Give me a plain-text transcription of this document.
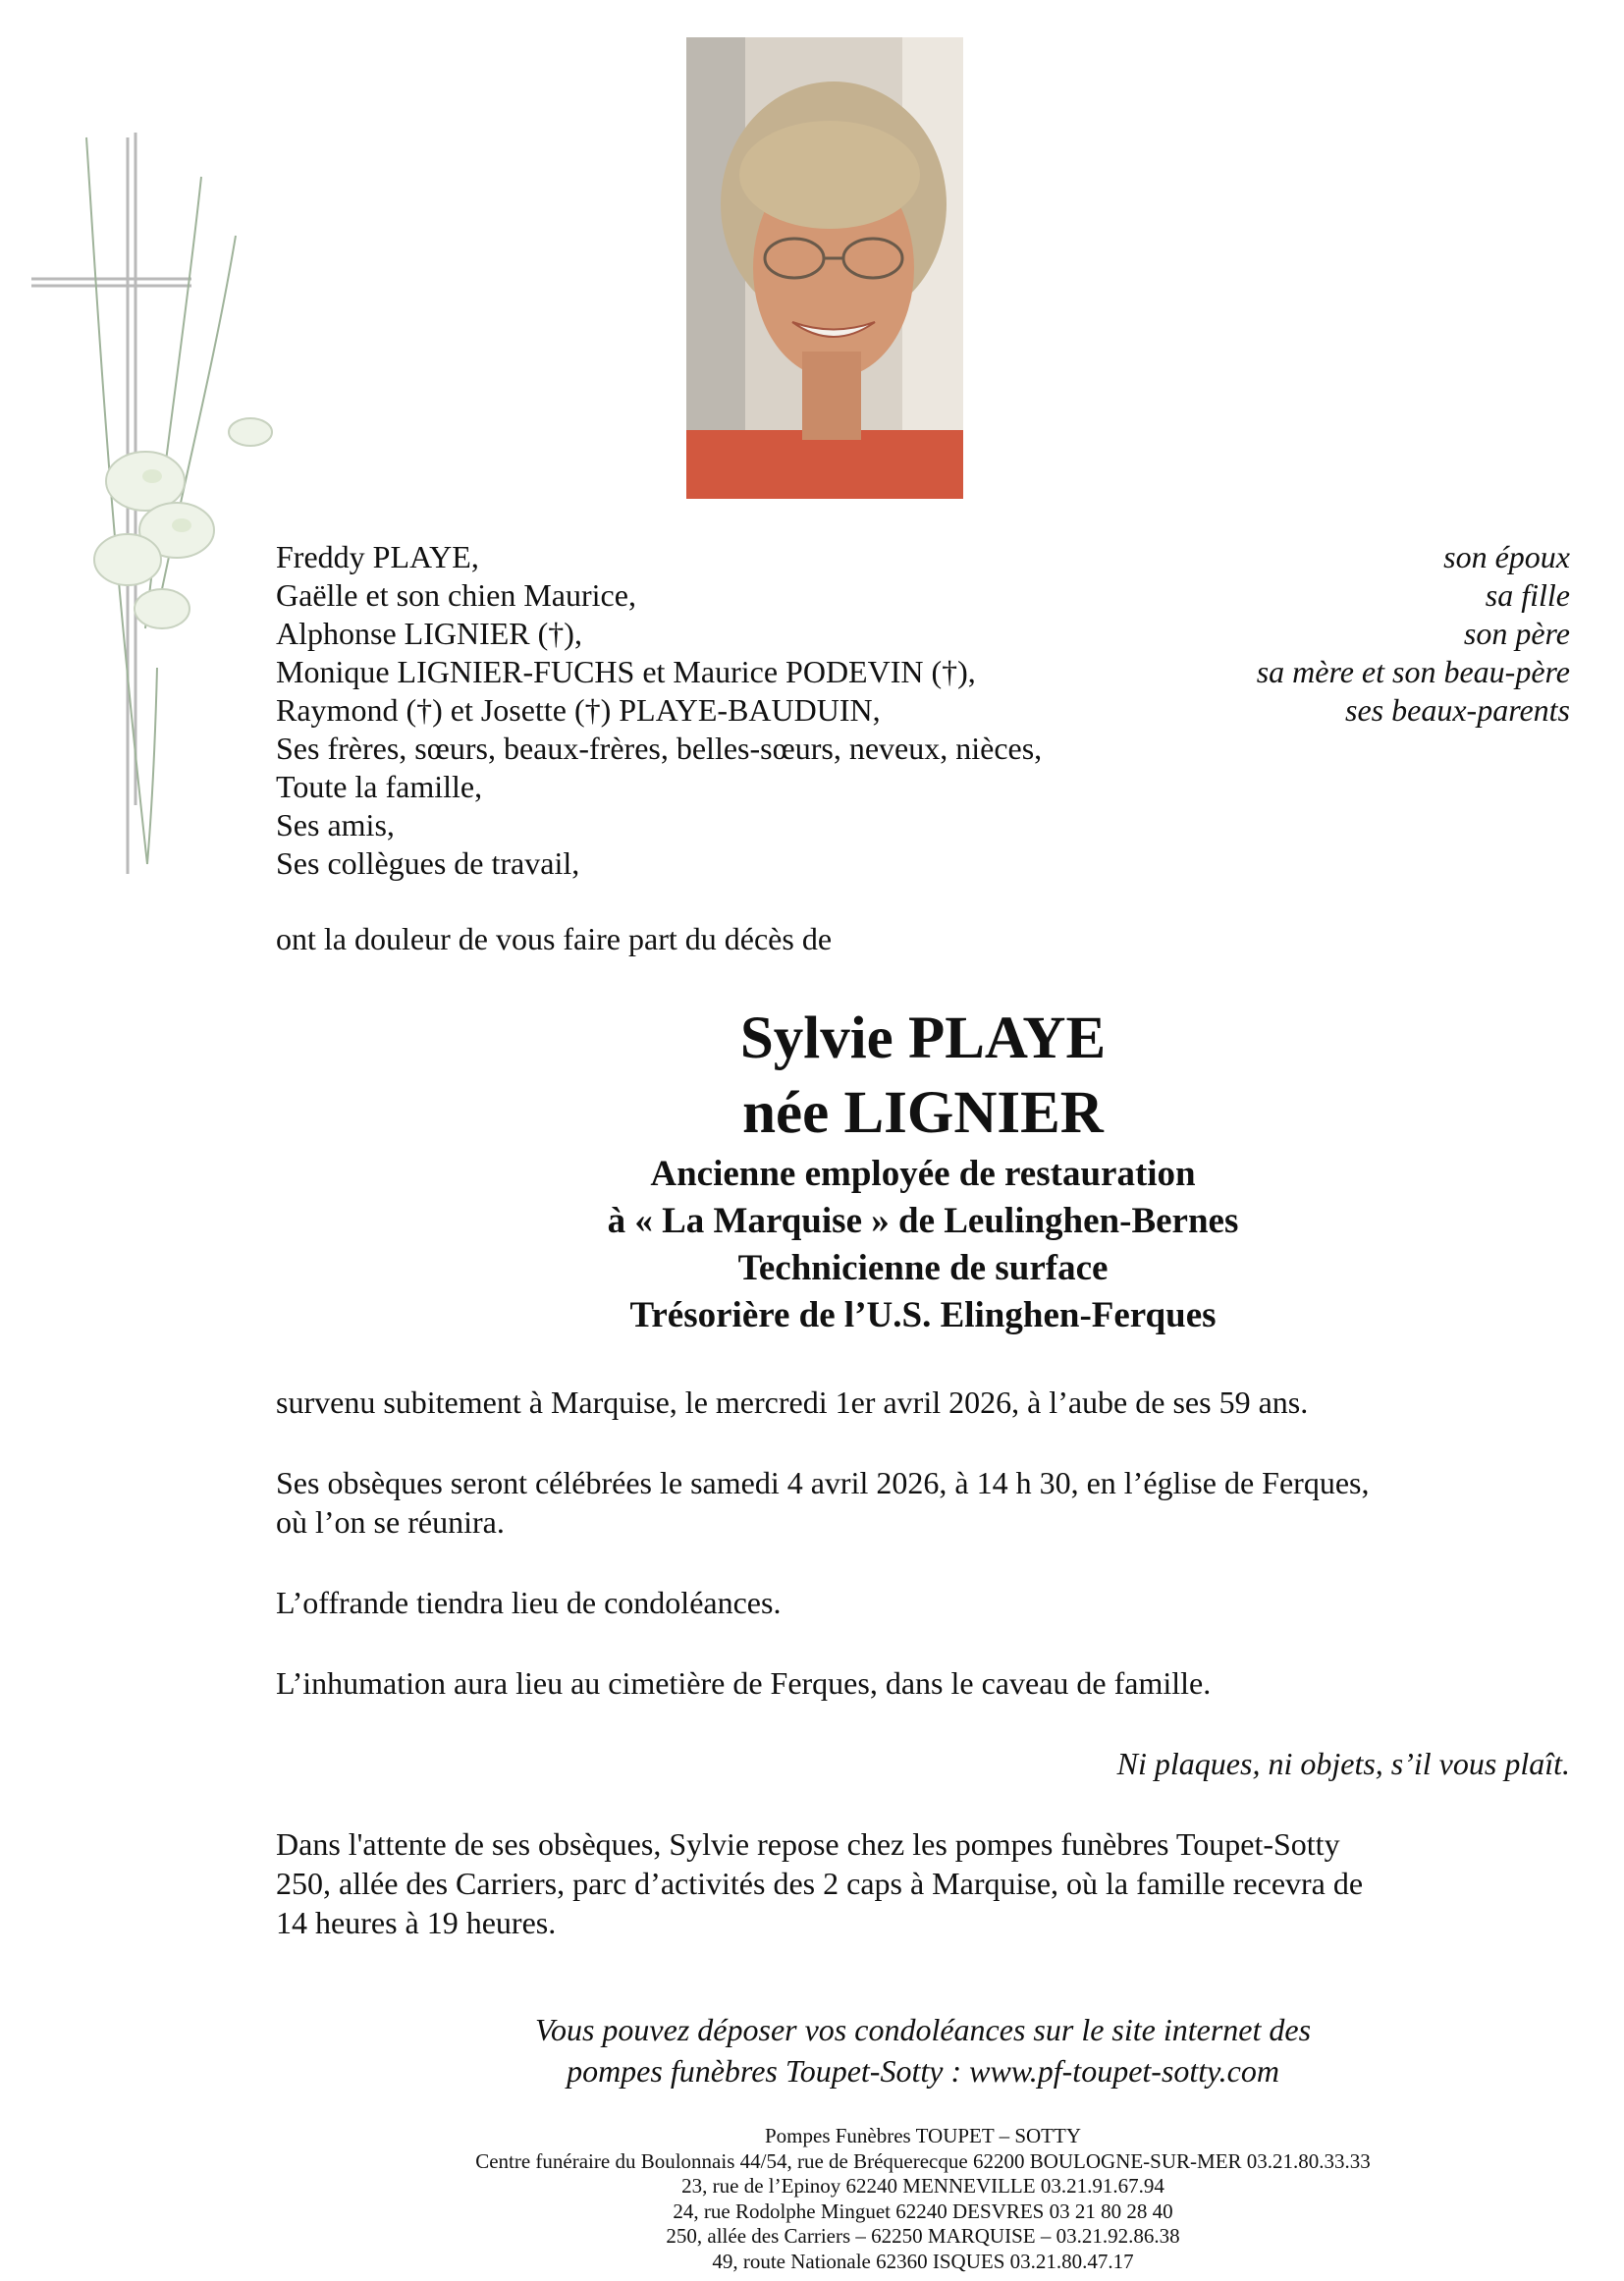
Freddy PLAYE,	son époux
Gaëlle et son chien Maurice,	sa fille
Alphonse LIGNIER (†),	son père
Monique LIGNIER-FUCHS et Maurice PODEVIN (†),	sa mère et son beau-père
Raymond (†) et Josette (†) PLAYE-BAUDUIN,	ses beaux-parents
Ses frères, sœurs, beaux-frères, belles-sœurs, neveux, nièces,
Toute la famille,
Ses amis,
Ses collègues de travail,
ont la douleur de vous faire part du décès de
Sylvie PLAYE
née LIGNIER
Ancienne employée de restauration
à « La Marquise » de Leulinghen-Bernes
Technicienne de surface
Trésorière de l’U.S. Elinghen-Ferques

survenu subitement à Marquise, le mercredi 1er avril 2026, à l’aube de ses 59 ans.

Ses obsèques seront célébrées le samedi 4 avril 2026, à 14 h 30, en l’église de Ferques,

où l’on se réunira.

L’offrande tiendra lieu de condoléances.

L’inhumation aura lieu au cimetière de Ferques, dans le caveau de famille.

Ni plaques, ni objets, s’il vous plaît.

Dans l'attente de ses obsèques, Sylvie repose chez les pompes funèbres Toupet-Sotty

250, allée des Carriers, parc d’activités des 2 caps à Marquise, où la famille recevra de

14 heures à 19 heures.

Vous pouvez déposer vos condoléances sur le site internet des
pompes funèbres Toupet-Sotty : www.pf-toupet-sotty.com
Pompes Funèbres TOUPET – SOTTY
Centre funéraire du Boulonnais 44/54, rue de Bréquerecque 62200 BOULOGNE-SUR-MER 03.21.80.33.33
23, rue de l’Epinoy 62240 MENNEVILLE 03.21.91.67.94
24, rue Rodolphe Minguet 62240 DESVRES 03 21 80 28 40
250, allée des Carriers – 62250 MARQUISE – 03.21.92.86.38
49, route Nationale 62360 ISQUES 03.21.80.47.17
